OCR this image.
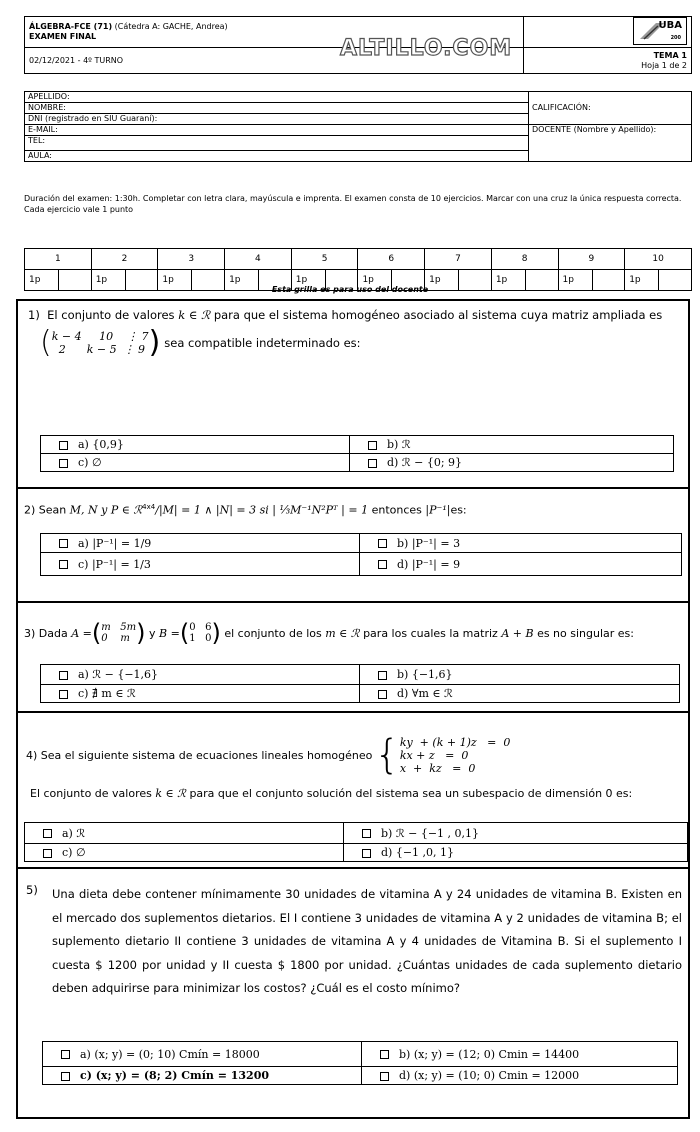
ÁLGEBRA-FCE (71) (Cátedra A: GACHE, Andrea)
EXAMEN FINAL	UBA
200

02/12/2021 - 4º TURNO	TEMA 1
Hoja 1 de 2
ALTILLO.COM
APELLIDO:	CALIFICACIÓN:
NOMBRE:	
DNI (registrado en SIU Guaraní):	
E-MAIL:	DOCENTE (Nombre y Apellido):
TEL:	
AULA:	
Duración del examen: 1:30h. Completar con letra clara, mayúscula e imprenta. El examen consta de 10 ejercicios. Marcar con una cruz la única respuesta correcta. Cada ejercicio vale 1 punto
1		2		3		4		5		6		7		8		9		10	
1p		1p		1p		1p		1p		1p		1p		1p		1p		1p	
Esta grilla es para uso del docente
1) El conjunto de valores k ∈ ℛ para que el sistema homogéneo asociado al sistema cuya matriz ampliada es
( k − 4     10    ⋮ 7
2      k − 5  ⋮ 9 ) sea compatible indeterminado es:
a) {0,9}	b) ℛ
c) ∅	d) ℛ − {0; 9}
2) Sean M, N y P ∈ ℛ$^{4x4}$/|M| = 1 ∧ |N| = 3 si | ⅓M⁻¹N²Pᵀ | = 1 entonces |P⁻¹|es:
a) |P⁻¹| = 1/9	b) |P⁻¹| = 3
c) |P⁻¹| = 1/3	d) |P⁻¹| = 9
3)
Dada
A = ( m   5m
0    m )
y
B = ( 0   6
1   0 )
el conjunto de los
m ∈ ℛ
para los cuales la matriz
A + B
es no singular es:
a) ℛ − {−1,6}	b) {−1,6}
c) ∄ m ∈ ℛ	d) ∀m ∈ ℛ
4)
Sea el siguiente sistema de ecuaciones lineales homogéneo { ky  + (k + 1)z   =  0
kx + z   =  0
x  +  kz   =  0
El conjunto de valores k ∈ ℛ para que el conjunto solución del sistema sea un subespacio de dimensión 0 es:
a) ℛ	b) ℛ − {−1 , 0,1}
c) ∅	d) {−1 ,0, 1}
5) Una dieta debe contener mínimamente 30 unidades de vitamina A y 24 unidades de vitamina B. Existen en el mercado dos suplementos dietarios. El I contiene 3 unidades de vitamina A y 2 unidades de vitamina B; el suplemento dietario II contiene 3 unidades de vitamina A y 4 unidades de Vitamina B. Si el suplemento I cuesta $ 1200 por unidad y II cuesta $ 1800 por unidad. ¿Cuántas unidades de cada suplemento dietario deben adquirirse para minimizar los costos? ¿Cuál es el costo mínimo?
a) (x; y) = (0; 10) Cmín = 18000	b) (x; y) = (12; 0) Cmin = 14400
c) (x; y) = (8; 2) Cmín = 13200	d) (x; y) = (10; 0) Cmin = 12000
